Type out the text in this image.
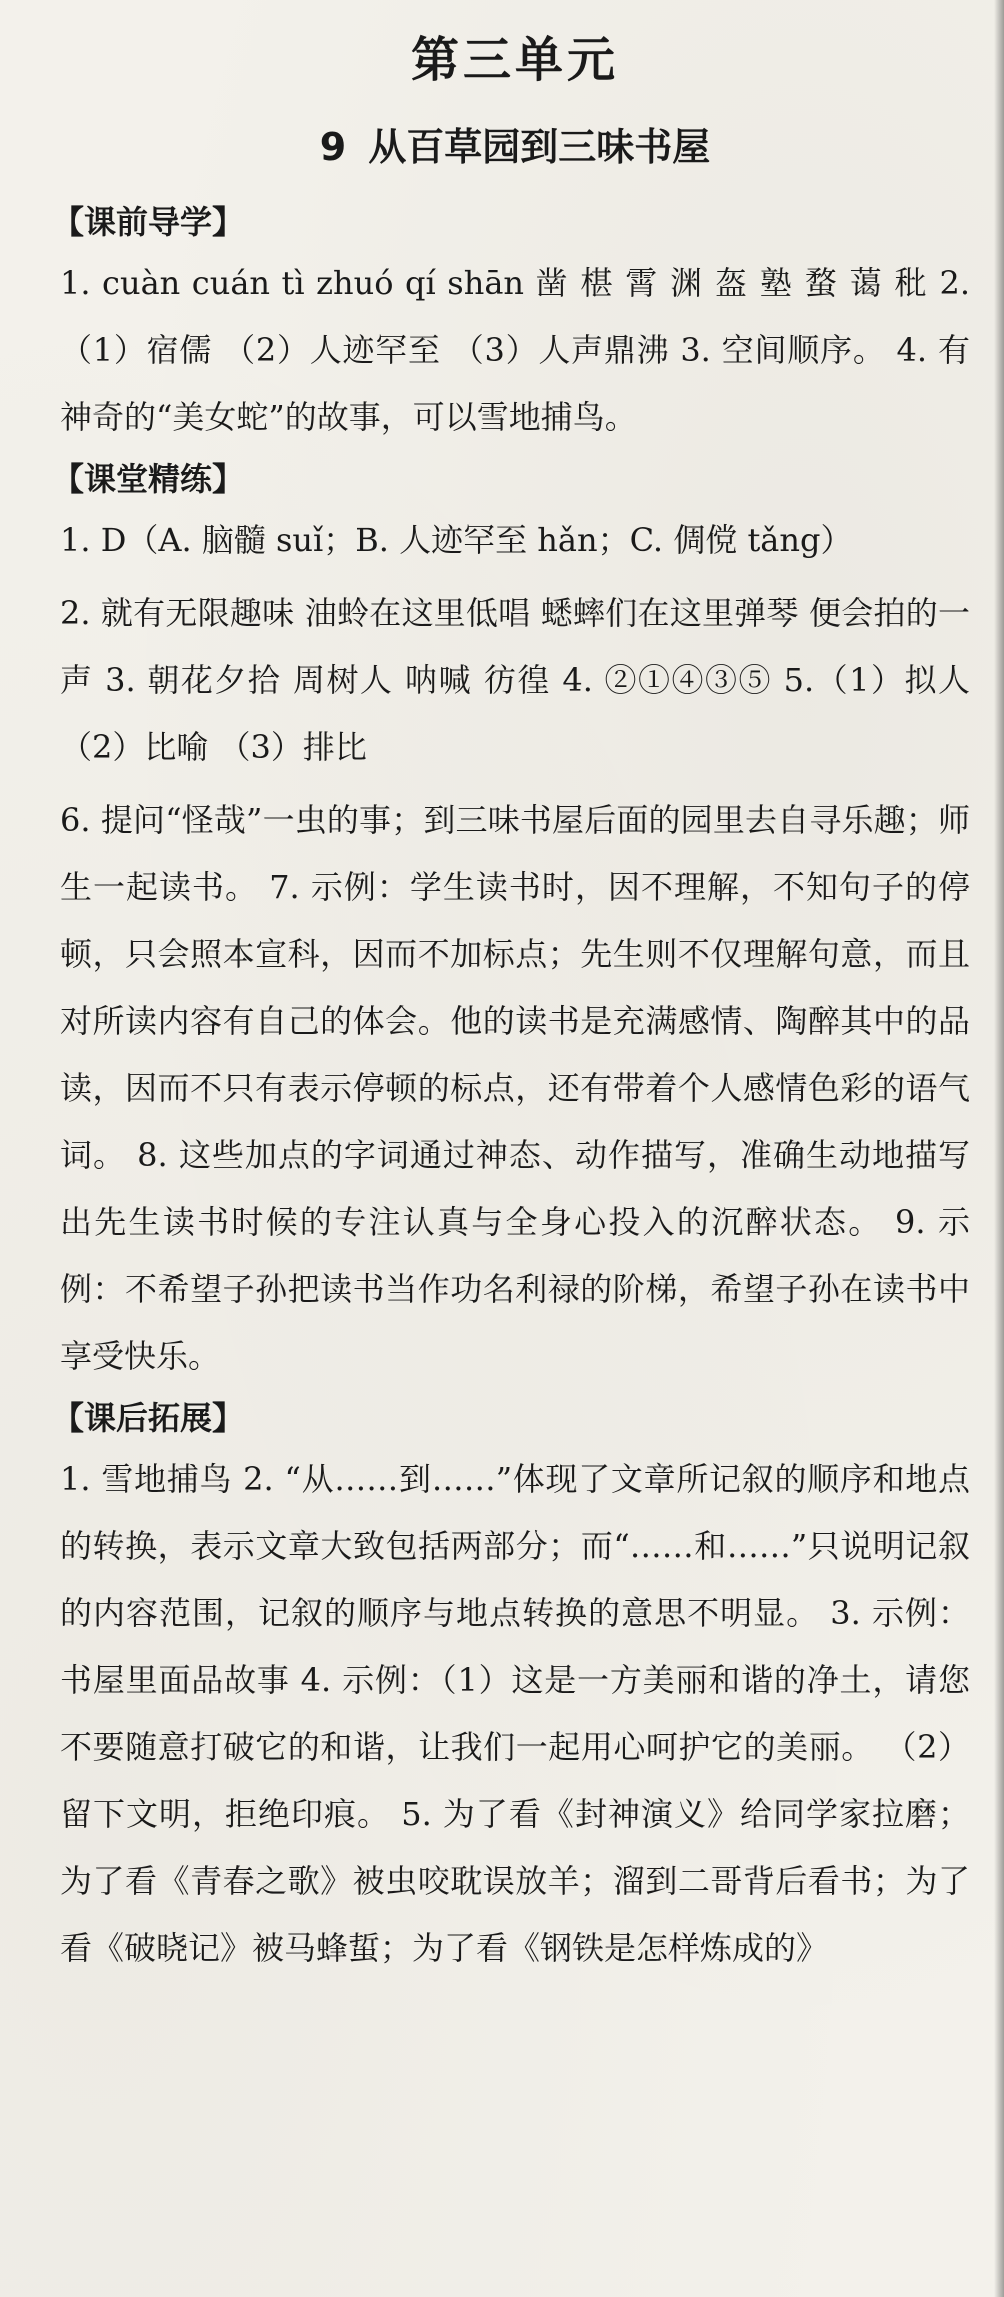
第三单元
9 从百草园到三味书屋
【课前导学】

1. cuàn cuán tì zhuó qí shān 凿 椹 霄 渊 盔 塾 蝥 蔼 秕 2.（1）宿儒 （2）人迹罕至 （3）人声鼎沸 3. 空间顺序。 4. 有神奇的“美女蛇”的故事，可以雪地捕鸟。

【课堂精练】

1. D（A. 脑髓 suǐ；B. 人迹罕至 hǎn；C. 倜傥 tǎng）

2. 就有无限趣味 油蛉在这里低唱 蟋蟀们在这里弹琴 便会拍的一声 3. 朝花夕拾 周树人 呐喊 彷徨 4. ②①④③⑤ 5.（1）拟人 （2）比喻 （3）排比

6. 提问“怪哉”一虫的事；到三味书屋后面的园里去自寻乐趣；师生一起读书。 7. 示例：学生读书时，因不理解，不知句子的停顿，只会照本宣科，因而不加标点；先生则不仅理解句意，而且对所读内容有自己的体会。他的读书是充满感情、陶醉其中的品读，因而不只有表示停顿的标点，还有带着个人感情色彩的语气词。 8. 这些加点的字词通过神态、动作描写，准确生动地描写出先生读书时候的专注认真与全身心投入的沉醉状态。 9. 示例：不希望子孙把读书当作功名利禄的阶梯，希望子孙在读书中享受快乐。

【课后拓展】

1. 雪地捕鸟 2. “从……到……”体现了文章所记叙的顺序和地点的转换，表示文章大致包括两部分；而“……和……”只说明记叙的内容范围，记叙的顺序与地点转换的意思不明显。 3. 示例：书屋里面品故事 4. 示例：（1）这是一方美丽和谐的净土，请您不要随意打破它的和谐，让我们一起用心呵护它的美丽。 （2）留下文明，拒绝印痕。 5. 为了看《封神演义》给同学家拉磨；为了看《青春之歌》被虫咬耽误放羊；溜到二哥背后看书；为了看《破晓记》被马蜂蜇；为了看《钢铁是怎样炼成的》
